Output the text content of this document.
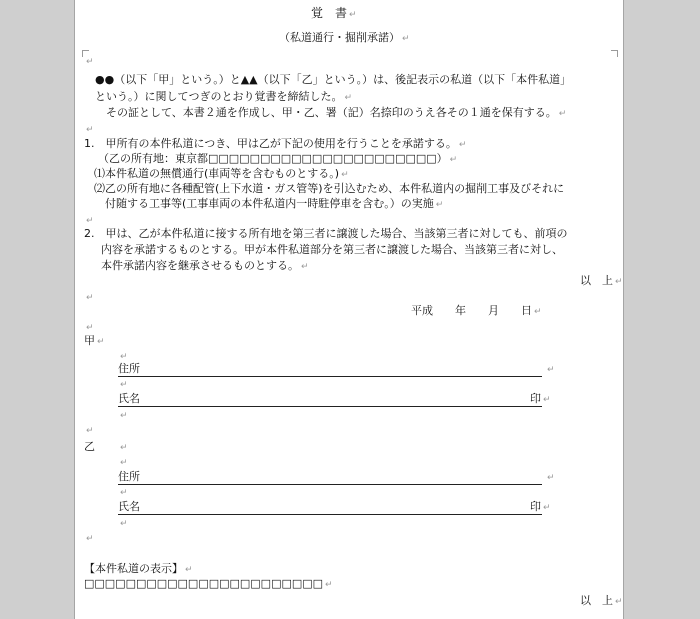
覚　書 ↵
（私道通行・掘削承諾） ↵
↵
●●（以下「甲」という。）と▲▲（以下「乙」という。）は、後記表示の私道（以下「本件私道」
という。）に関してつぎのとおり覚書を締結した。 ↵
　その証として、本書２通を作成し、甲・乙、署（記）名捺印のうえ各その１通を保有する。 ↵
↵
1.　甲所有の本件私道につき、甲は乙が下記の使用を行うことを承諾する。 ↵
（乙の所有地：東京都□□□□□□□□□□□□□□□□□□□□□□） ↵
⑴本件私道の無償通行(車両等を含むものとする。) ↵
⑵乙の所有地に各種配管(上下水道・ガス管等)を引込むため、本件私道内の掘削工事及びそれに
付随する工事等(工事車両の本件私道内一時駐停車を含む。）の実施 ↵
↵
2.　甲は、乙が本件私道に接する所有地を第三者に譲渡した場合、当該第三者に対しても、前項の
内容を承諾するものとする。甲が本件私道部分を第三者に譲渡した場合、当該第三者に対し、
本件承諾内容を継承させるものとする。 ↵
以　上 ↵
↵
平成　　年　　月　　日 ↵
↵
甲 ↵
↵
住所	↵
↵
氏名	印 ↵
↵
↵
乙	↵
↵
住所	↵
↵
氏名	印 ↵
↵
↵
【本件私道の表示】 ↵
□□□□□□□□□□□□□□□□□□□□□□□ ↵
以　上 ↵
